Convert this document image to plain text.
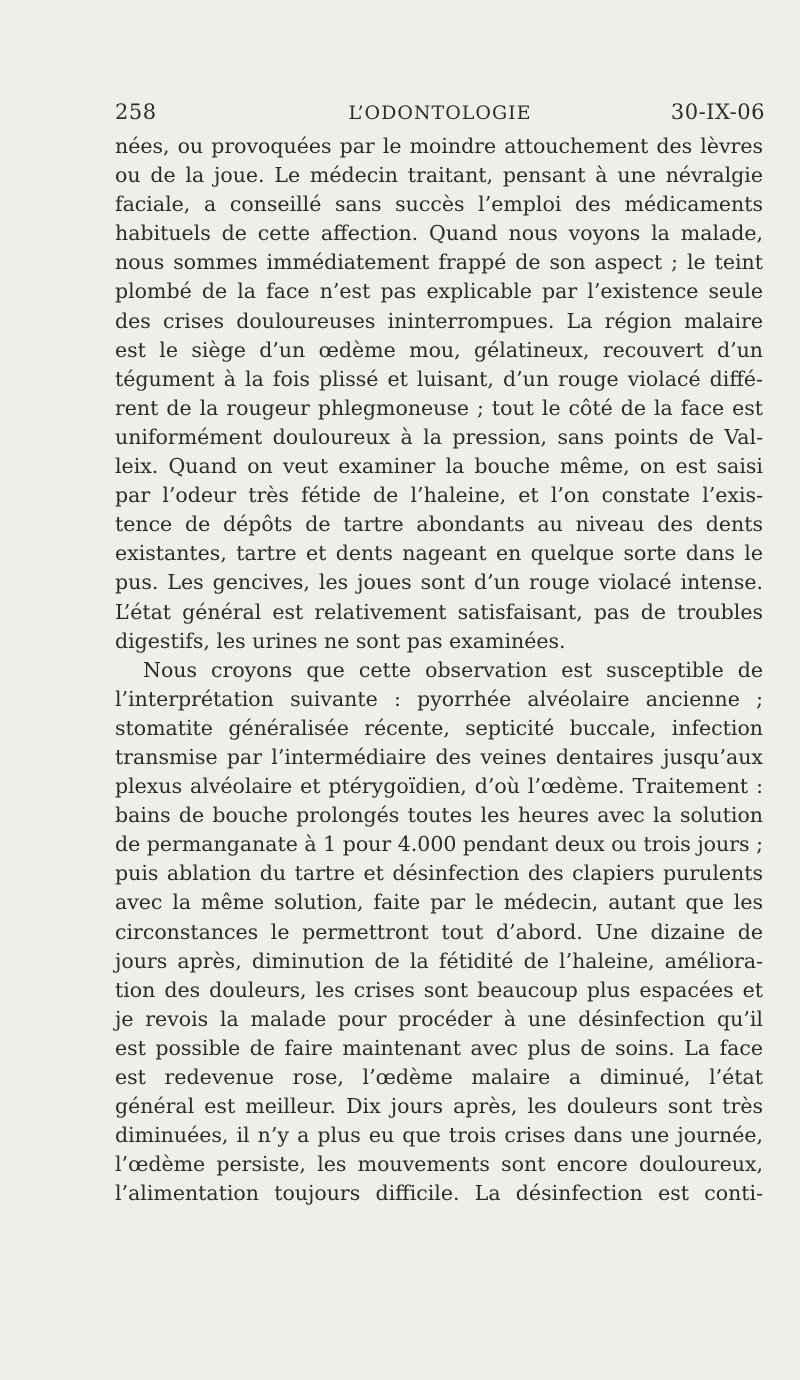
258	L’ODONTOLOGIE	30-IX-06
nées, ou provoquées par le moindre attouchement des lèvres
ou de la joue. Le médecin traitant, pensant à une névralgie
faciale, a conseillé sans succès l’emploi des médicaments
habituels de cette affection. Quand nous voyons la malade,
nous sommes immédiatement frappé de son aspect ; le teint
plombé de la face n’est pas explicable par l’existence seule
des crises douloureuses ininterrompues. La région malaire
est le siège d’un œdème mou, gélatineux, recouvert d’un
tégument à la fois plissé et luisant, d’un rouge violacé diffé-
rent de la rougeur phlegmoneuse ; tout le côté de la face est
uniformément douloureux à la pression, sans points de Val-
leix. Quand on veut examiner la bouche même, on est saisi
par l’odeur très fétide de l’haleine, et l’on constate l’exis-
tence de dépôts de tartre abondants au niveau des dents
existantes, tartre et dents nageant en quelque sorte dans le
pus. Les gencives, les joues sont d’un rouge violacé intense.
L’état général est relativement satisfaisant, pas de troubles
digestifs, les urines ne sont pas examinées.
Nous croyons que cette observation est susceptible de
l’interprétation suivante : pyorrhée alvéolaire ancienne ;
stomatite généralisée récente, septicité buccale, infection
transmise par l’intermédiaire des veines dentaires jusqu’aux
plexus alvéolaire et ptérygoïdien, d’où l’œdème. Traitement :
bains de bouche prolongés toutes les heures avec la solution
de permanganate à 1 pour 4.000 pendant deux ou trois jours ;
puis ablation du tartre et désinfection des clapiers purulents
avec la même solution, faite par le médecin, autant que les
circonstances le permettront tout d’abord. Une dizaine de
jours après, diminution de la fétidité de l’haleine, améliora-
tion des douleurs, les crises sont beaucoup plus espacées et
je revois la malade pour procéder à une désinfection qu’il
est possible de faire maintenant avec plus de soins. La face
est redevenue rose, l’œdème malaire a diminué, l’état
général est meilleur. Dix jours après, les douleurs sont très
diminuées, il n’y a plus eu que trois crises dans une journée,
l’œdème persiste, les mouvements sont encore douloureux,
l’alimentation toujours difficile. La désinfection est conti-
